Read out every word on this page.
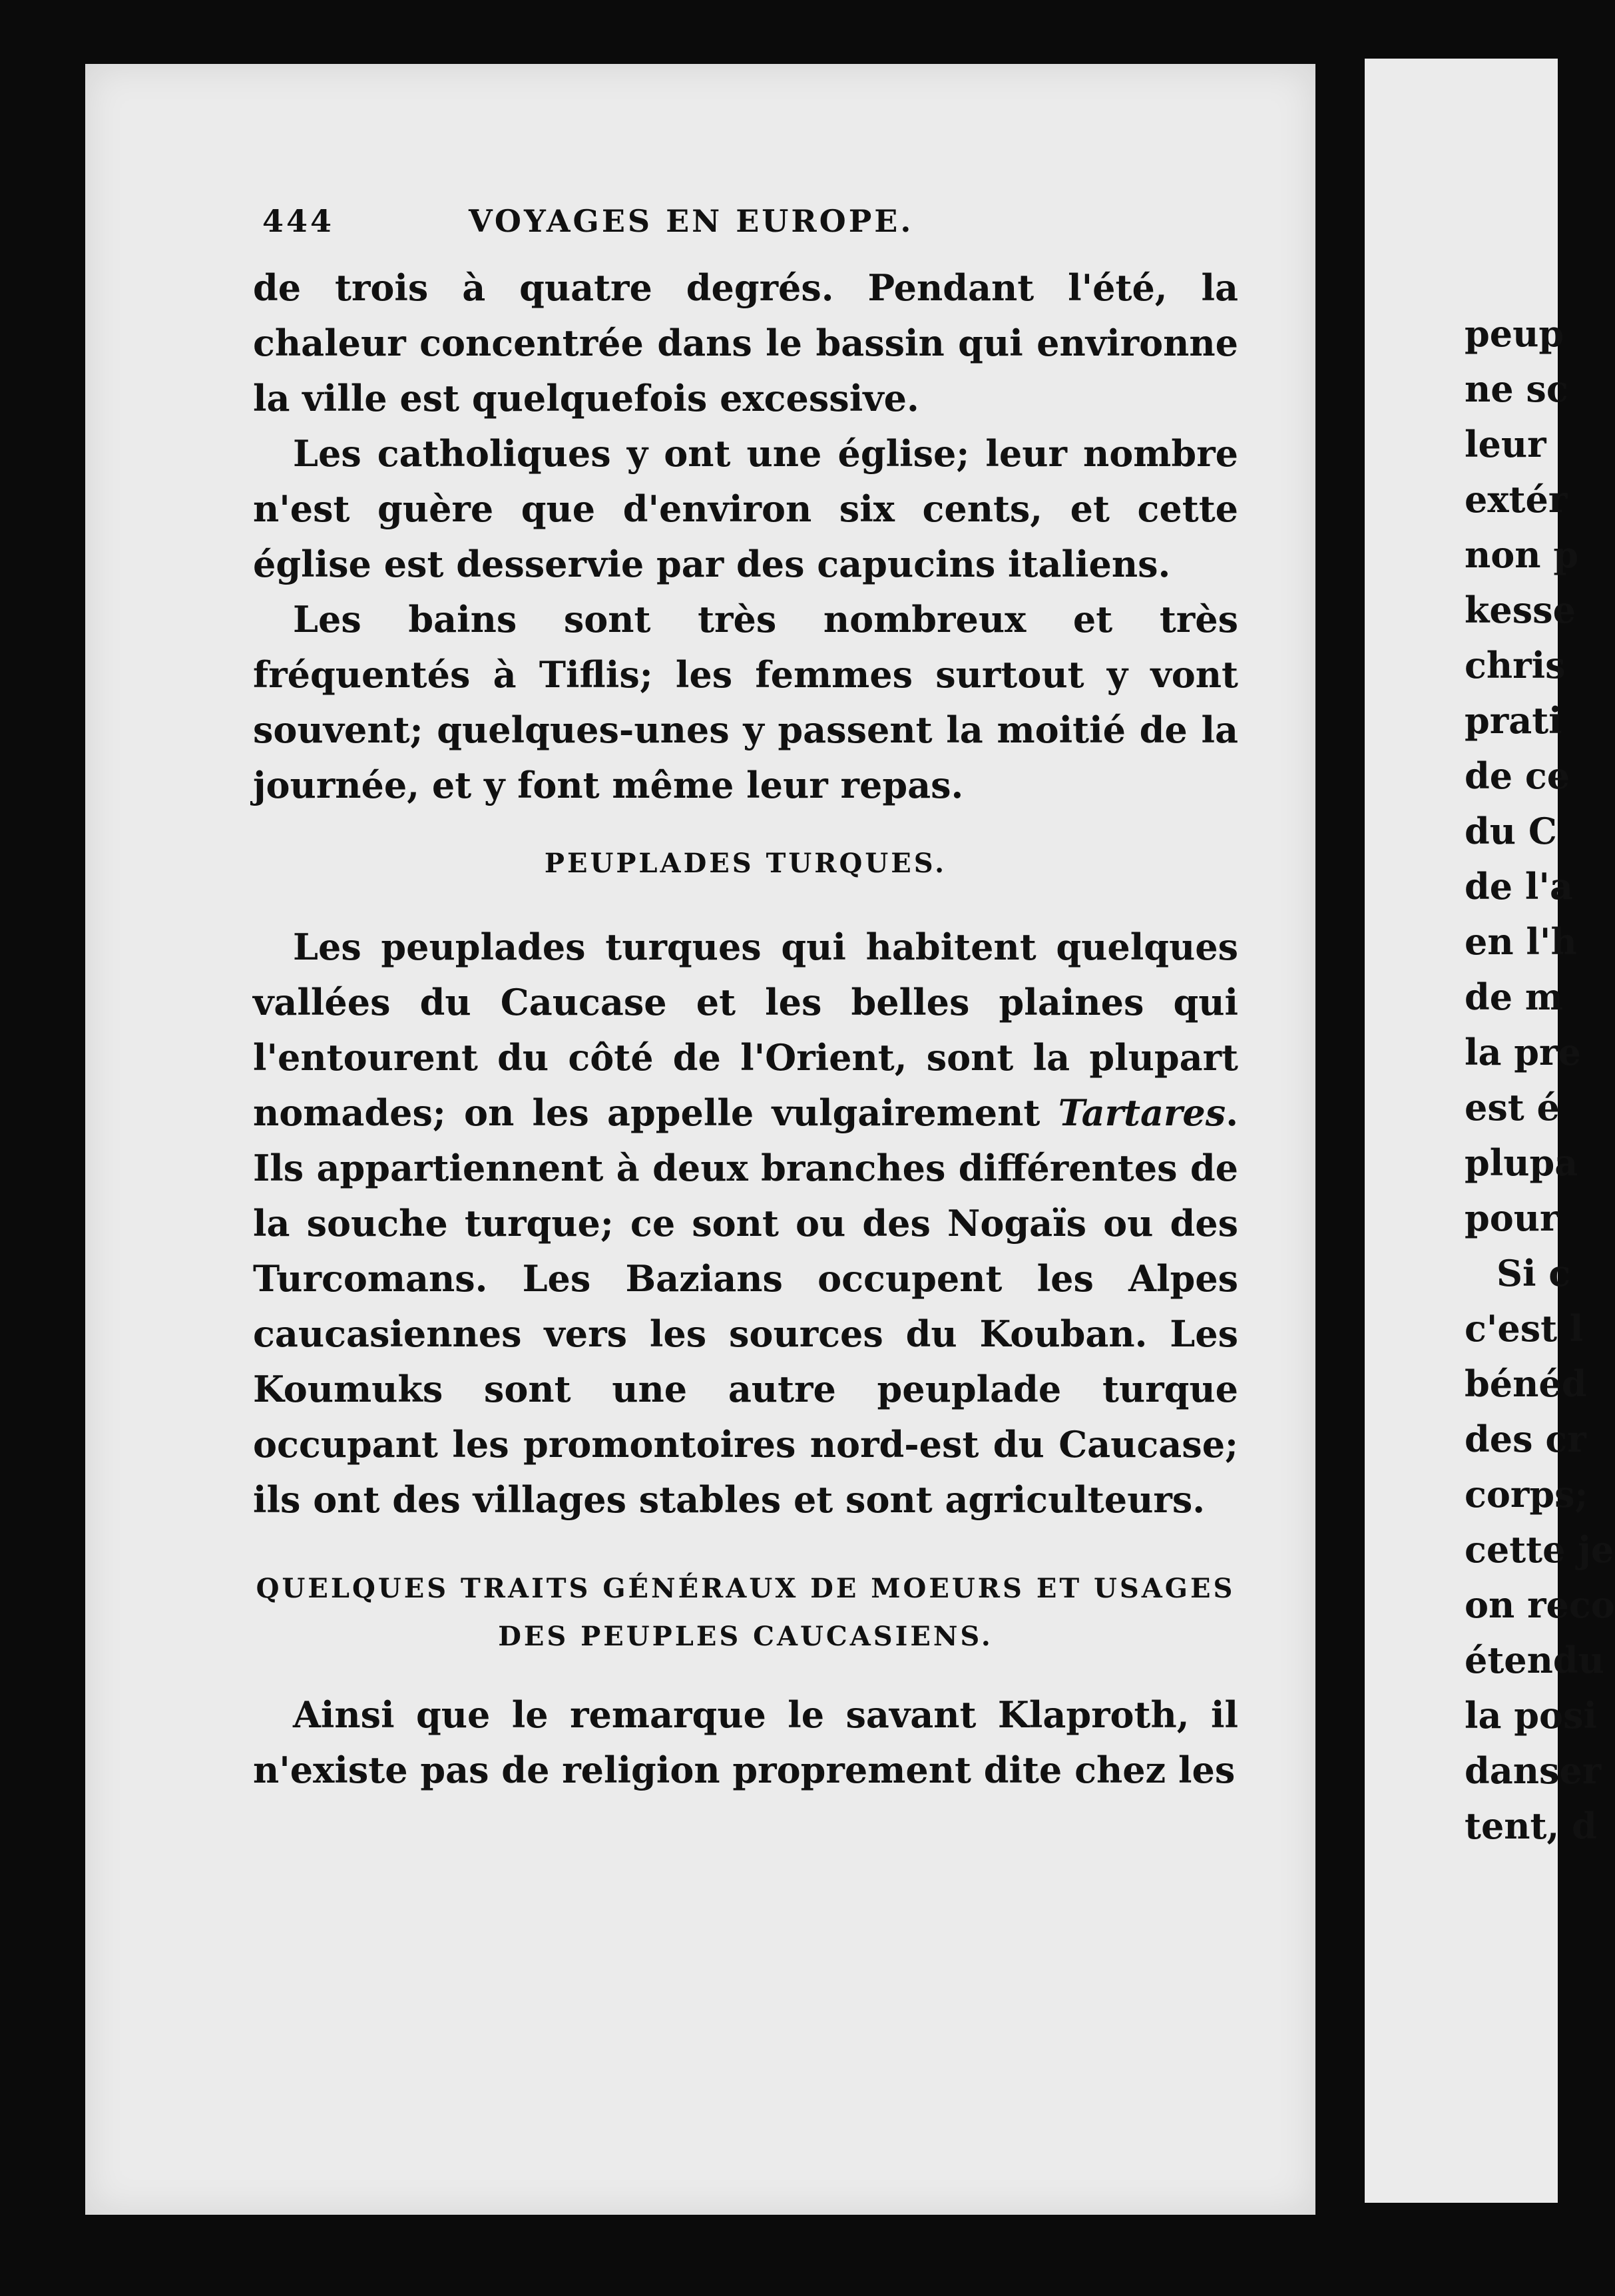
444	VOYAGES EN EUROPE.

de trois à quatre degrés. Pendant l'été, la chaleur concentrée dans le bassin qui environne la ville est quelquefois excessive.

Les catholiques y ont une église; leur nombre n'est guère que d'environ six cents, et cette église est desservie par des capucins italiens.

Les bains sont très nombreux et très fréquentés à Tiflis; les femmes surtout y vont souvent; quelques-unes y passent la moitié de la journée, et y font même leur repas.

PEUPLADES TURQUES.

Les peuplades turques qui habitent quelques vallées du Caucase et les belles plaines qui l'entourent du côté de l'Orient, sont la plupart nomades; on les appelle vulgairement Tartares. Ils appartiennent à deux branches différentes de la souche turque; ce sont ou des Nogaïs ou des Turcomans. Les Bazians occupent les Alpes caucasiennes vers les sources du Kouban. Les Koumuks sont une autre peuplade turque occupant les promontoires nord-est du Caucase; ils ont des villages stables et sont agriculteurs.

QUELQUES TRAITS GÉNÉRAUX DE MOEURS ET USAGES
DES PEUPLES CAUCASIENS.

Ainsi que le remarque le savant Klaproth, il n'existe pas de religion proprement dite chez les

peup
ne sc
leur
extér
non p
kesse
chris
prati
de ce
du C
de l'a
en l'h
de m
la pre
est é
plupa
pour
Si c
c'est l
bénéd
des cr
corps;
cette je
on reco
étendu
la posi
danser
tent, d
